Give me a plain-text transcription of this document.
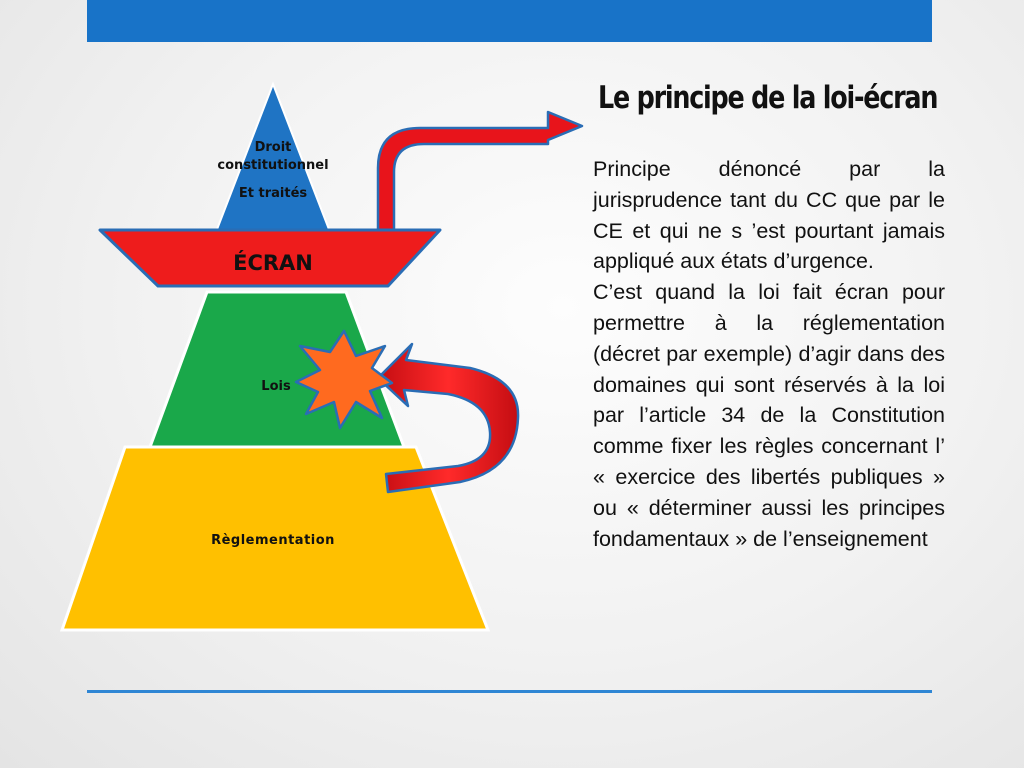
Droit
constitutionnel
Et traités
ÉCRAN
Lois
Règlementation
Le principe de la loi-écran

Principe dénoncé par la jurisprudence tant du CC que par le CE et qui ne s ’est pourtant jamais appliqué aux états d’urgence.

C’est quand la loi fait écran pour permettre à la réglementation (décret par exemple) d’agir dans des domaines qui sont réservés à la loi par l’article 34 de la Constitution comme fixer les règles concernant l’ « exercice des libertés publiques » ou « déterminer aussi les principes fondamentaux » de l’enseignement
